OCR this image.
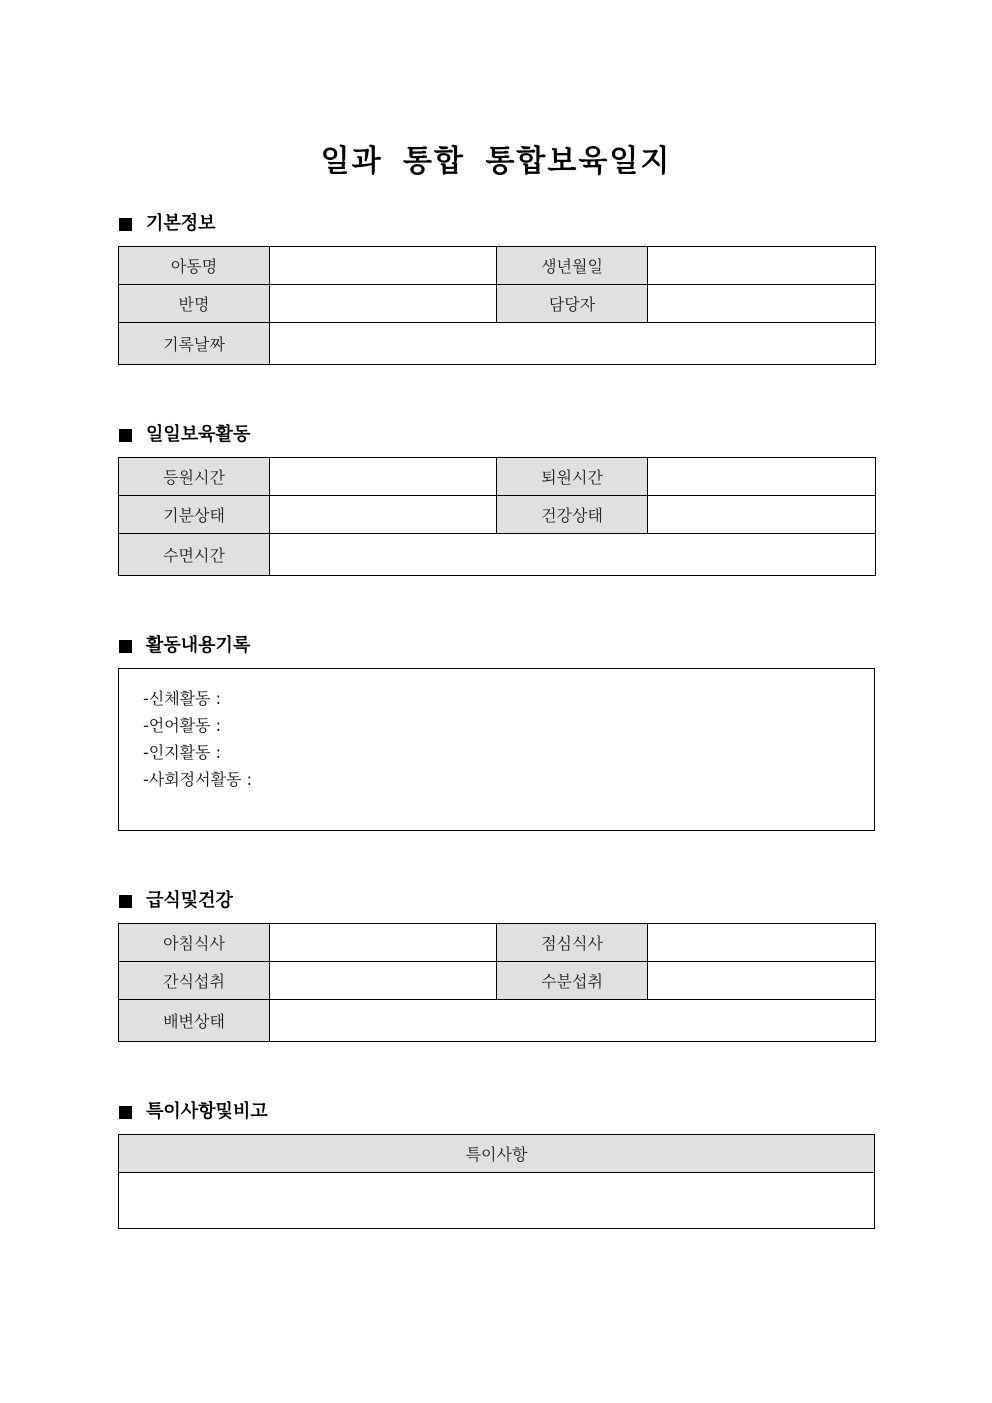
일과 통합 통합보육일지
기본정보
아동명		생년월일	
반명		담당자	
기록날짜			
일일보육활동
등원시간		퇴원시간	
기분상태		건강상태	
수면시간			
활동내용기록
-신체활동 :
-언어활동 :
-인지활동 :
-사회정서활동 :
급식및건강
아침식사		점심식사	
간식섭취		수분섭취	
배변상태			
특이사항및비고
특이사항
